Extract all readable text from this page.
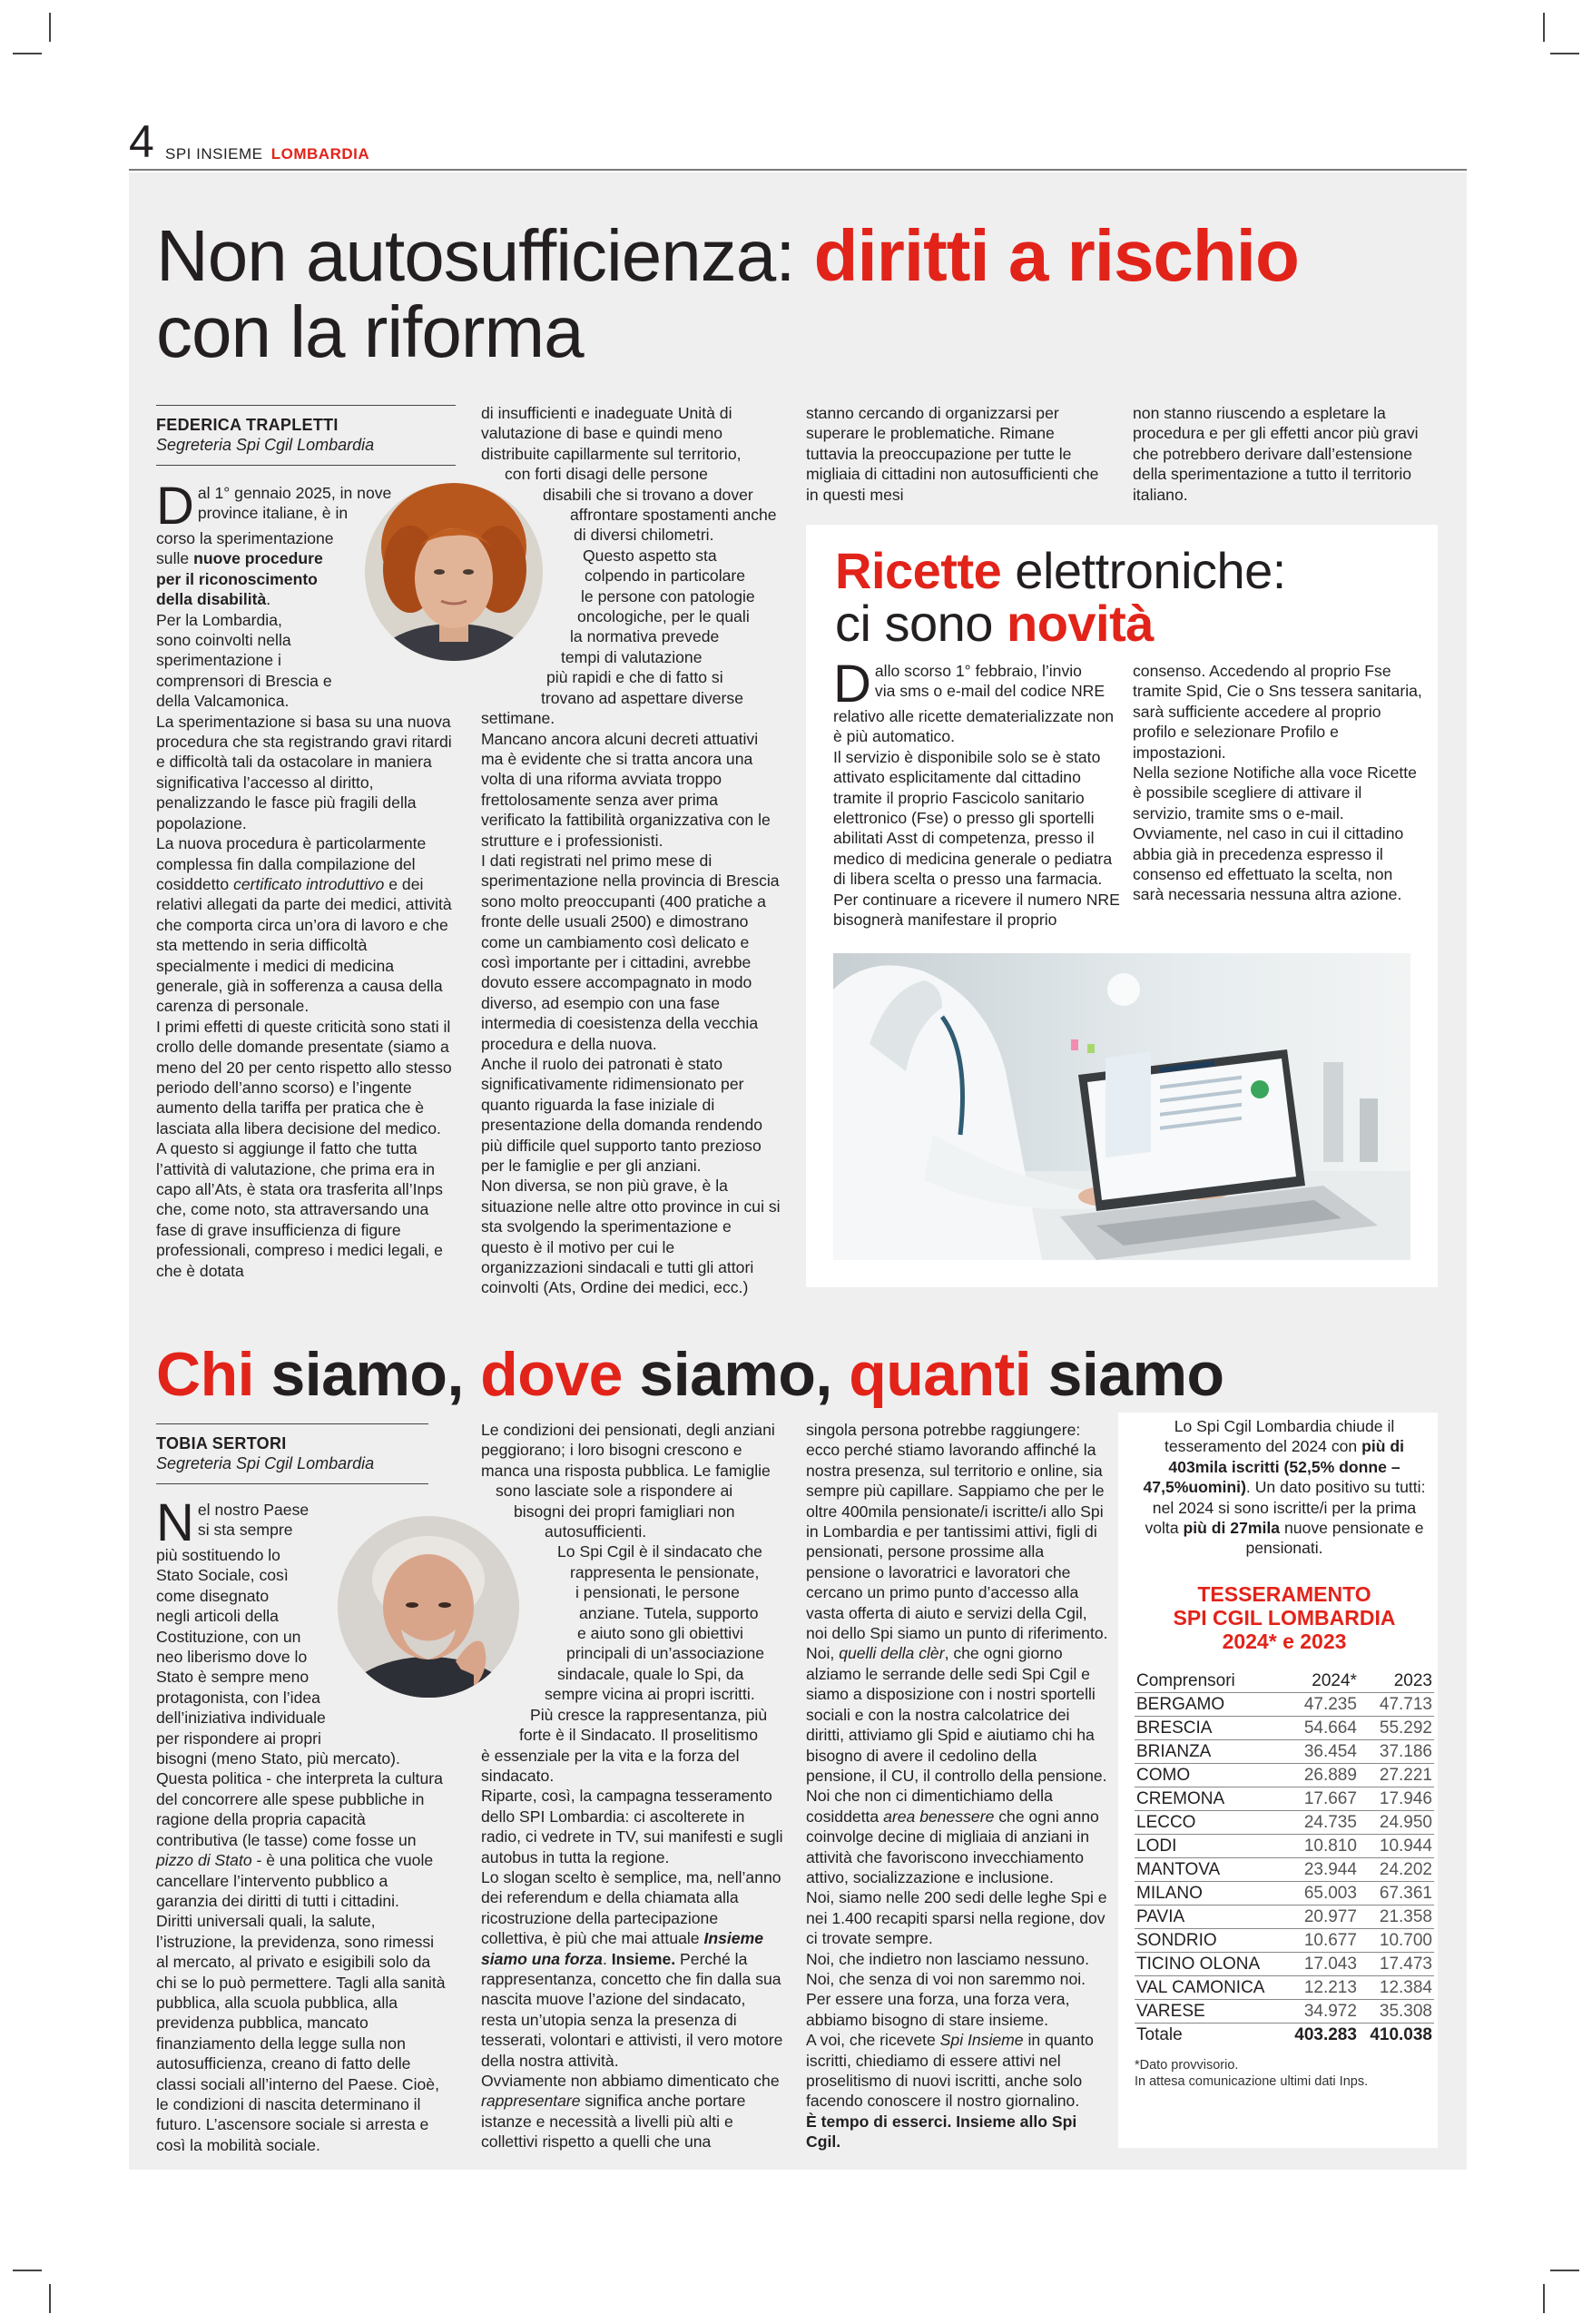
4 SPI INSIEME LOMBARDIA
Non autosufficienza: diritti a rischio
con la riforma
FEDERICA TRAPLETTI
Segreteria Spi Cgil Lombardia
D al 1° gennaio 2025, in nove

province italiane, è in

corso la sperimentazione

sulle nuove procedure

per il riconoscimento

della disabilità.

Per la Lombardia,

sono coinvolti nella

sperimentazione i

comprensori di Brescia e

della Valcamonica.

La sperimentazione si basa su una nuova procedura che sta registrando gravi ritardi e difficoltà tali da ostacolare in maniera significativa l’accesso al diritto, penalizzando le fasce più fragili della popolazione.

La nuova procedura è particolarmente complessa fin dalla compilazione del cosiddetto certificato introduttivo e dei relativi allegati da parte dei medici, attività che comporta circa un’ora di lavoro e che sta mettendo in seria difficoltà specialmente i medici di medicina generale, già in sofferenza a causa della carenza di personale.

I primi effetti di queste criticità sono stati il crollo delle domande presentate (siamo a meno del 20 per cento rispetto allo stesso periodo dell’anno scorso) e l’ingente aumento della tariffa per pratica che è lasciata alla libera decisione del medico.

A questo si aggiunge il fatto che tutta l’attività di valutazione, che prima era in capo all’Ats, è stata ora trasferita all’Inps che, come noto, sta attraversando una fase di grave insufficienza di figure professionali, compreso i medici legali, e che è dotata

di insufficienti e inadeguate Unità di

valutazione di base e quindi meno

distribuite capillarmente sul territorio,

con forti disagi delle persone

disabili che si trovano a dover

affrontare spostamenti anche

di diversi chilometri.

Questo aspetto sta

colpendo in particolare

le persone con patologie

oncologiche, per le quali

la normativa prevede

tempi di valutazione

più rapidi e che di fatto si

trovano ad aspettare diverse

settimane.

Mancano ancora alcuni decreti attuativi ma è evidente che si tratta ancora una volta di una riforma avviata troppo frettolosamente senza aver prima verificato la fattibilità organizzativa con le strutture e i professionisti.

I dati registrati nel primo mese di sperimentazione nella provincia di Brescia sono molto preoccupanti (400 pratiche a fronte delle usuali 2500) e dimostrano come un cambiamento così delicato e così importante per i cittadini, avrebbe dovuto essere accompagnato in modo diverso, ad esempio con una fase intermedia di coesistenza della vecchia procedura e della nuova.

Anche il ruolo dei patronati è stato significativamente ridimensionato per quanto riguarda la fase iniziale di presentazione della domanda rendendo più difficile quel supporto tanto prezioso per le famiglie e per gli anziani.

Non diversa, se non più grave, è la situazione nelle altre otto province in cui si sta svolgendo la sperimentazione e questo è il motivo per cui le organizzazioni sindacali e tutti gli attori coinvolti (Ats, Ordine dei medici, ecc.)

stanno cercando di organizzarsi per superare le problematiche. Rimane tuttavia la preoccupazione per tutte le migliaia di cittadini non autosufficienti che in questi mesi

non stanno riuscendo a espletare la procedura e per gli effetti ancor più gravi che potrebbero derivare dall’estensione della sperimentazione a tutto il territorio italiano.

Ricette elettroniche:
ci sono novità
D allo scorso 1° febbraio, l’invio

via sms o e-mail del codice NRE

relativo alle ricette dematerializzate non è più automatico.

Il servizio è disponibile solo se è stato attivato esplicitamente dal cittadino tramite il proprio Fascicolo sanitario elettronico (Fse) o presso gli sportelli abilitati Asst di competenza, presso il medico di medicina generale o pediatra di libera scelta o presso una farmacia.

Per continuare a ricevere il numero NRE bisognerà manifestare il proprio

consenso. Accedendo al proprio Fse tramite Spid, Cie o Sns tessera sanitaria, sarà sufficiente accedere al proprio profilo e selezionare Profilo e impostazioni.

Nella sezione Notifiche alla voce Ricette è possibile scegliere di attivare il servizio, tramite sms o e-mail.

Ovviamente, nel caso in cui il cittadino abbia già in precedenza espresso il consenso ed effettuato la scelta, non sarà necessaria nessuna altra azione.

Chi siamo, dove siamo, quanti siamo
TOBIA SERTORI
Segreteria Spi Cgil Lombardia
N el nostro Paese

si sta sempre

più sostituendo lo

Stato Sociale, così

come disegnato

negli articoli della

Costituzione, con un

neo liberismo dove lo

Stato è sempre meno

protagonista, con l’idea

dell’iniziativa individuale

per rispondere ai propri

bisogni (meno Stato, più mercato).

Questa politica - che interpreta la cultura del concorrere alle spese pubbliche in ragione della propria capacità contributiva (le tasse) come fosse un pizzo di Stato - è una politica che vuole cancellare l’intervento pubblico a garanzia dei diritti di tutti i cittadini.

Diritti universali quali, la salute, l’istruzione, la previdenza, sono rimessi al mercato, al privato e esigibili solo da chi se lo può permettere. Tagli alla sanità pubblica, alla scuola pubblica, alla previdenza pubblica, mancato finanziamento della legge sulla non autosufficienza, creano di fatto delle classi sociali all’interno del Paese. Cioè, le condizioni di nascita determinano il futuro. L’ascensore sociale si arresta e così la mobilità sociale.

Le condizioni dei pensionati, degli anziani

peggiorano; i loro bisogni crescono e

manca una risposta pubblica. Le famiglie

sono lasciate sole a rispondere ai

bisogni dei propri famigliari non

autosufficienti.

Lo Spi Cgil è il sindacato che

rappresenta le pensionate,

i pensionati, le persone

anziane. Tutela, supporto

e aiuto sono gli obiettivi

principali di un’associazione

sindacale, quale lo Spi, da

sempre vicina ai propri iscritti.

Più cresce la rappresentanza, più

forte è il Sindacato. Il proselitismo

è essenziale per la vita e la forza del sindacato.

Riparte, così, la campagna tesseramento dello SPI Lombardia: ci ascolterete in radio, ci vedrete in TV, sui manifesti e sugli autobus in tutta la regione.

Lo slogan scelto è semplice, ma, nell’anno dei referendum e della chiamata alla ricostruzione della partecipazione collettiva, è più che mai attuale Insieme siamo una forza. Insieme. Perché la rappresentanza, concetto che fin dalla sua nascita muove l’azione del sindacato, resta un’utopia senza la presenza di tesserati, volontari e attivisti, il vero motore della nostra attività.

Ovviamente non abbiamo dimenticato che rappresentare significa anche portare istanze e necessità a livelli più alti e collettivi rispetto a quelli che una

singola persona potrebbe raggiungere: ecco perché stiamo lavorando affinché la nostra presenza, sul territorio e online, sia sempre più capillare. Sappiamo che per le oltre 400mila pensionate/i iscritte/i allo Spi in Lombardia e per tantissimi attivi, figli di pensionati, persone prossime alla pensione o lavoratrici e lavoratori che cercano un primo punto d’accesso alla vasta offerta di aiuto e servizi della Cgil, noi dello Spi siamo un punto di riferimento.

Noi, quelli della clèr, che ogni giorno alziamo le serrande delle sedi Spi Cgil e siamo a disposizione con i nostri sportelli sociali e con la nostra calcolatrice dei diritti, attiviamo gli Spid e aiutiamo chi ha bisogno di avere il cedolino della pensione, il CU, il controllo della pensione.

Noi che non ci dimentichiamo della cosiddetta area benessere che ogni anno coinvolge decine di migliaia di anziani in attività che favoriscono invecchiamento attivo, socializzazione e inclusione.

Noi, siamo nelle 200 sedi delle leghe Spi e nei 1.400 recapiti sparsi nella regione, dov ci trovate sempre.

Noi, che indietro non lasciamo nessuno. Noi, che senza di voi non saremmo noi. Per essere una forza, una forza vera, abbiamo bisogno di stare insieme.

A voi, che ricevete Spi Insieme in quanto iscritti, chiediamo di essere attivi nel proselitismo di nuovi iscritti, anche solo facendo conoscere il nostro giornalino.

È tempo di esserci. Insieme allo Spi Cgil.

Lo Spi Cgil Lombardia chiude il tesseramento del 2024 con più di 403mila iscritti (52,5% donne – 47,5%uomini). Un dato positivo su tutti: nel 2024 si sono iscritte/i per la prima volta più di 27mila nuove pensionate e pensionati.
TESSERAMENTO
SPI CGIL LOMBARDIA
2024* e 2023
Comprensori	2024*	2023
BERGAMO	47.235	47.713
BRESCIA	54.664	55.292
BRIANZA	36.454	37.186
COMO	26.889	27.221
CREMONA	17.667	17.946
LECCO	24.735	24.950
LODI	10.810	10.944
MANTOVA	23.944	24.202
MILANO	65.003	67.361
PAVIA	20.977	21.358
SONDRIO	10.677	10.700
TICINO OLONA	17.043	17.473
VAL CAMONICA	12.213	12.384
VARESE	34.972	35.308
Totale	403.283	410.038
*Dato provvisorio.
In attesa comunicazione ultimi dati Inps.
